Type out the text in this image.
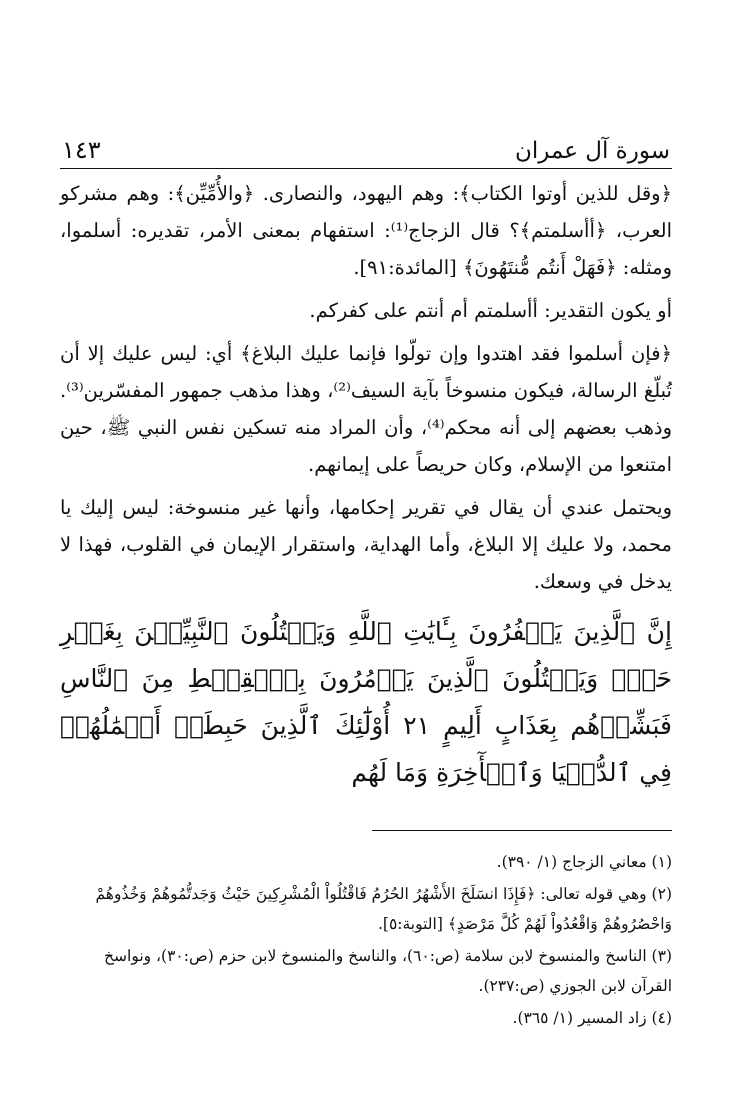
سورة آل عمران
١٤٣

﴿وقل للذين أوتوا الكتاب﴾: وهم اليهود، والنصارى. ﴿والأُمِّيِّن﴾: وهم مشركو العرب، ﴿أأسلمتم﴾؟ قال الزجاج⁽¹⁾: استفهام بمعنى الأمر، تقديره: أسلموا، ومثله: ﴿فَهَلْ أَنتُم مُّنتَهُونَ﴾ [المائدة:٩١].

أو يكون التقدير: أأسلمتم أم أنتم على كفركم.

﴿فإن أسلموا فقد اهتدوا وإن تولّوا فإنما عليك البلاغ﴾ أي: ليس عليك إلا أن تُبلّغ الرسالة، فيكون منسوخاً بآية السيف⁽²⁾، وهذا مذهب جمهور المفسّرين⁽³⁾. وذهب بعضهم إلى أنه محكم⁽⁴⁾، وأن المراد منه تسكين نفس النبي ﷺ، حين امتنعوا من الإسلام، وكان حريصاً على إيمانهم.

ويحتمل عندي أن يقال في تقرير إحكامها، وأنها غير منسوخة: ليس إليك يا محمد، ولا عليك إلا البلاغ، وأما الهداية، واستقرار الإيمان في القلوب، فهذا لا يدخل في وسعك.

إِنَّ ٱلَّذِينَ يَكۡفُرُونَ بِـَٔايَٰتِ ٱللَّهِ وَيَقۡتُلُونَ ٱلنَّبِيِّـۧنَ بِغَيۡرِ حَقّٖ وَيَقۡتُلُونَ ٱلَّذِينَ يَأۡمُرُونَ بِٱلۡقِسۡطِ مِنَ ٱلنَّاسِ فَبَشِّرۡهُم بِعَذَابٍ أَلِيمٍ ٢١ أُوْلَٰٓئِكَ ٱلَّذِينَ حَبِطَتۡ أَعۡمَٰلُهُمۡ فِي ٱلدُّنۡيَا وَٱلۡأٓخِرَةِ وَمَا لَهُم

(١) معاني الزجاج (١/ ٣٩٠).

(٢) وهي قوله تعالى: ﴿فَإِذَا انسَلَخَ الأَشْهُرُ الحُرُمُ فَاقْتُلُواْ الْمُشْرِكِينَ حَيْثُ وَجَدتُّمُوهُمْ وَخُذُوهُمْ وَاحْصُرُوهُمْ وَاقْعُدُواْ لَهُمْ كُلَّ مَرْصَدٍ﴾ [التوبة:٥].

(٣) الناسخ والمنسوخ لابن سلامة (ص:٦٠)، والناسخ والمنسوخ لابن حزم (ص:٣٠)، ونواسخ القرآن لابن الجوزي (ص:٢٣٧).

(٤) زاد المسير (١/ ٣٦٥).
